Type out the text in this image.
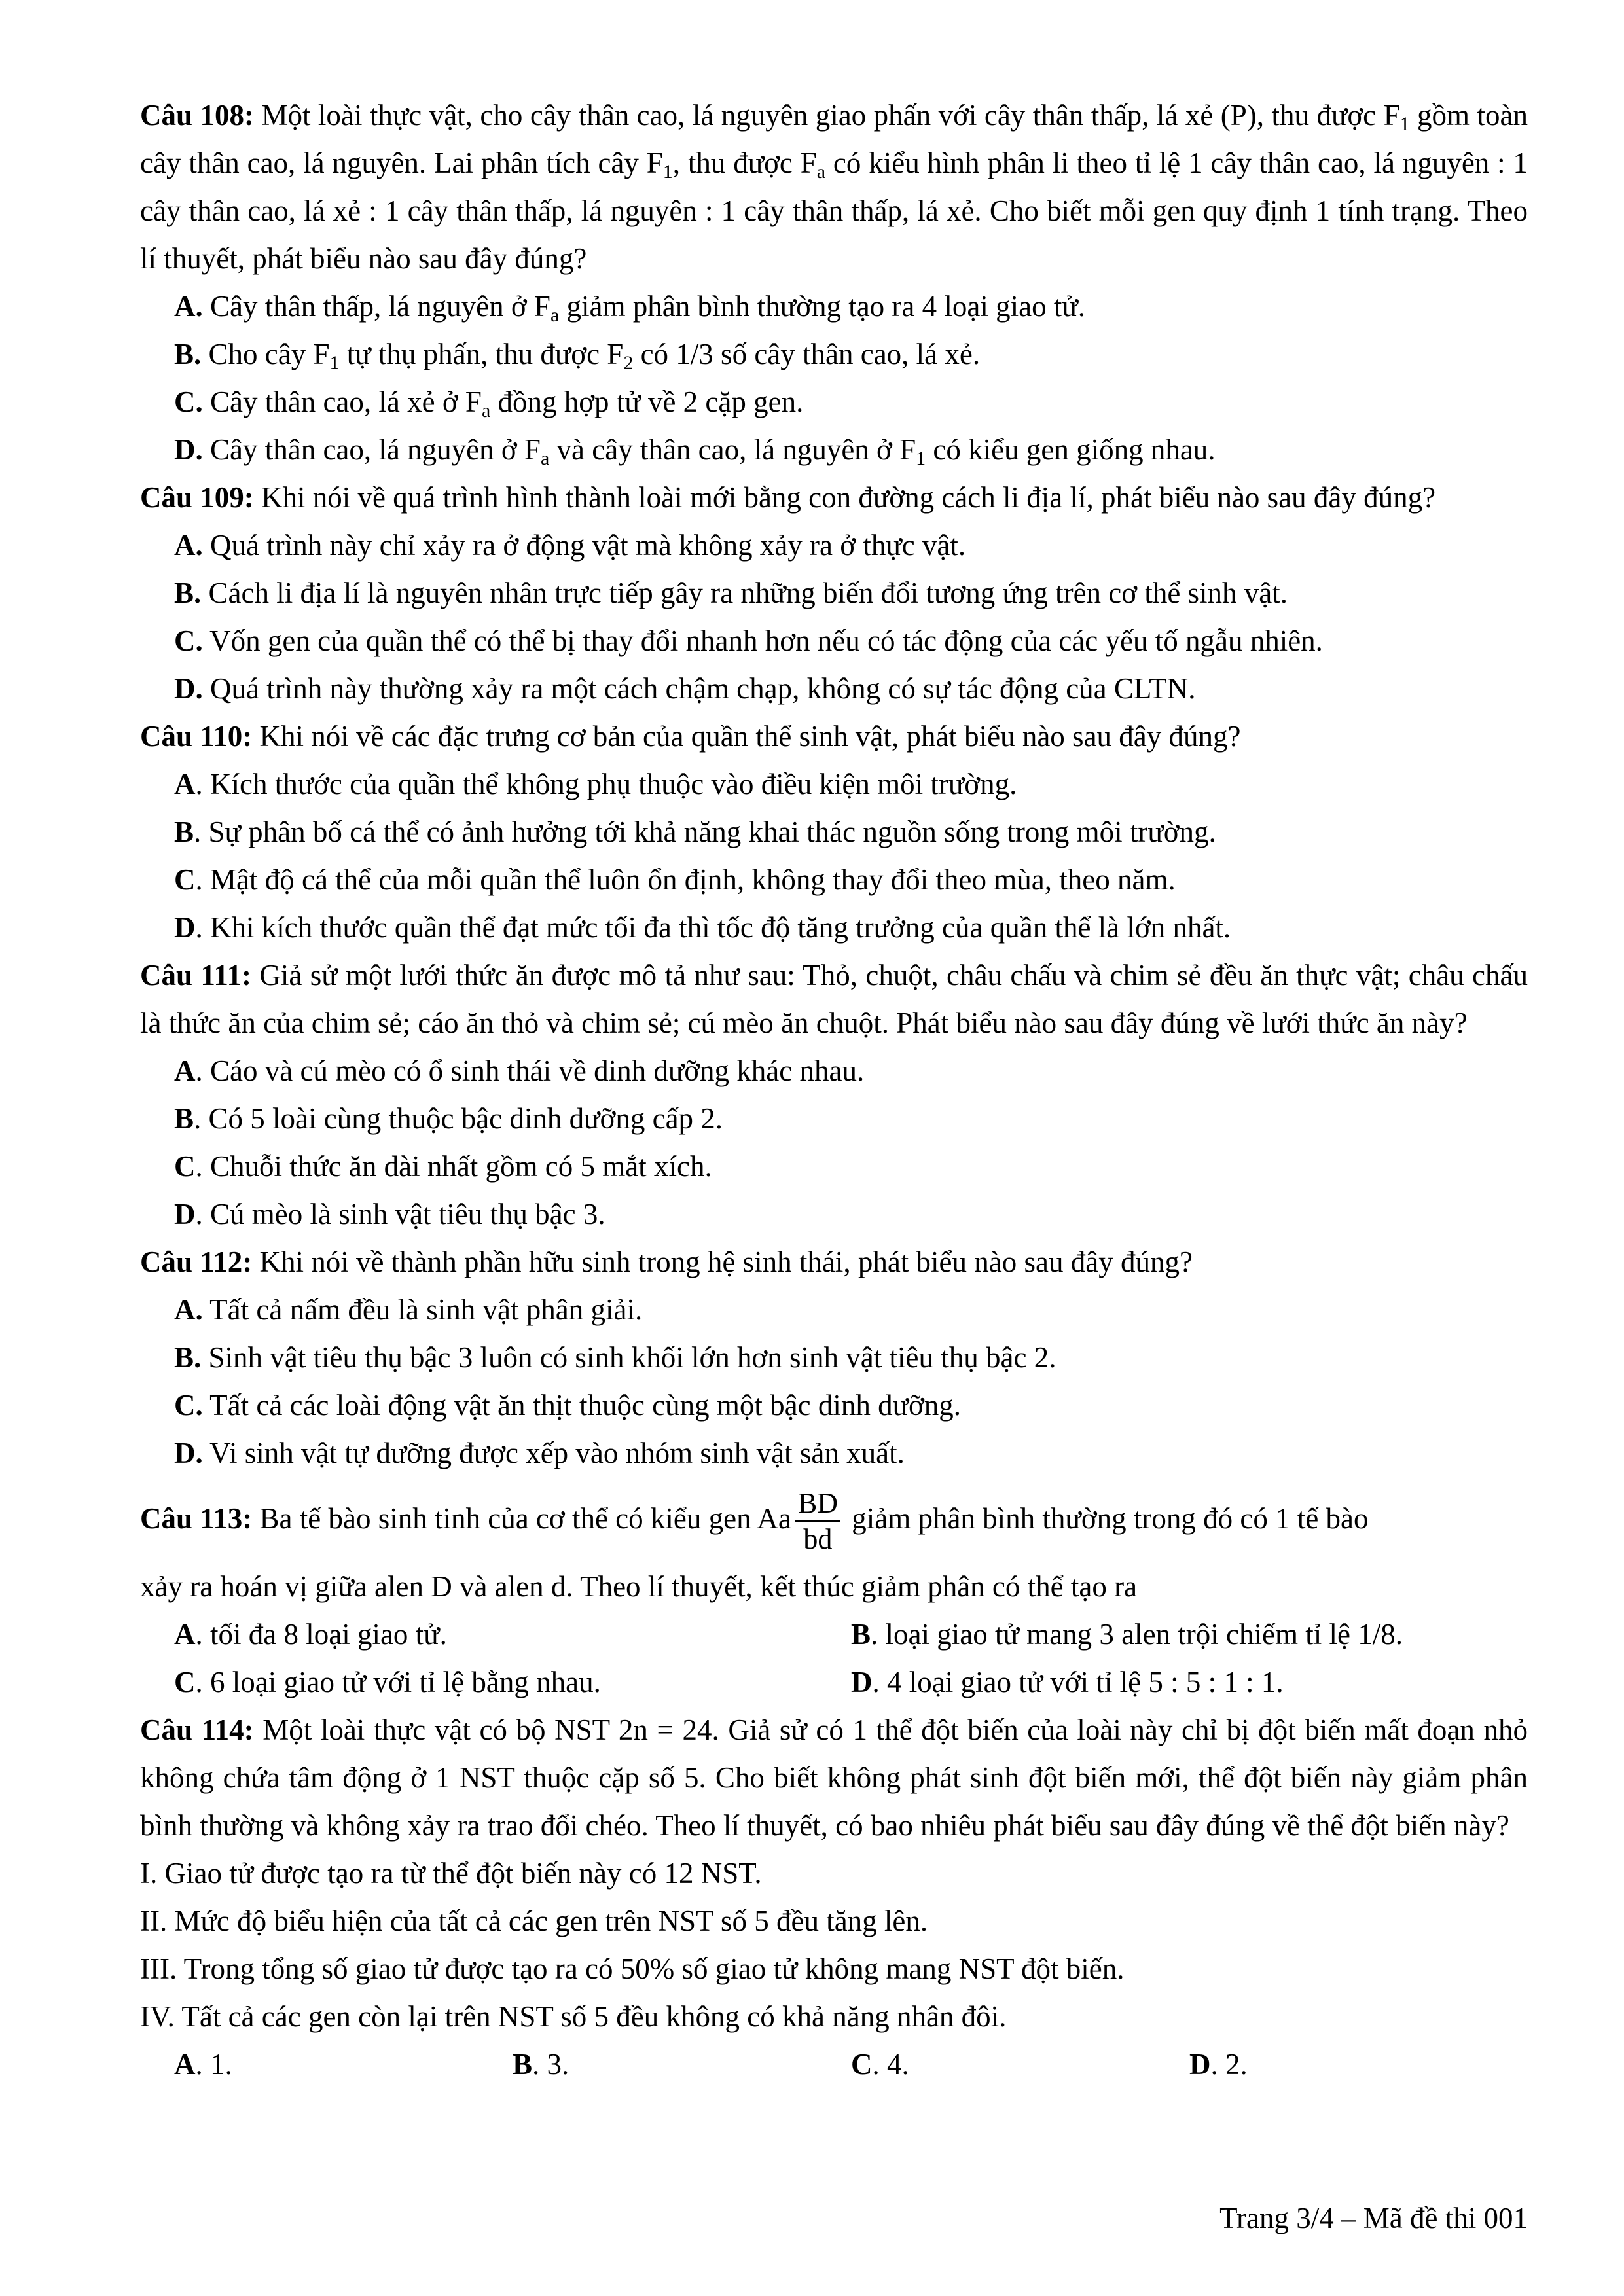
Câu 108: Một loài thực vật, cho cây thân cao, lá nguyên giao phấn với cây thân thấp, lá xẻ (P), thu được $F_1$ gồm toàn cây thân cao, lá nguyên. Lai phân tích cây $F_1$, thu được $F_a$ có kiểu hình phân li theo tỉ lệ 1 cây thân cao, lá nguyên : 1 cây thân cao, lá xẻ : 1 cây thân thấp, lá nguyên : 1 cây thân thấp, lá xẻ. Cho biết mỗi gen quy định 1 tính trạng. Theo lí thuyết, phát biểu nào sau đây đúng?

A. Cây thân thấp, lá nguyên ở $F_a$ giảm phân bình thường tạo ra 4 loại giao tử.

B. Cho cây $F_1$ tự thụ phấn, thu được $F_2$ có 1/3 số cây thân cao, lá xẻ.

C. Cây thân cao, lá xẻ ở $F_a$ đồng hợp tử về 2 cặp gen.

D. Cây thân cao, lá nguyên ở $F_a$ và cây thân cao, lá nguyên ở $F_1$ có kiểu gen giống nhau.

Câu 109: Khi nói về quá trình hình thành loài mới bằng con đường cách li địa lí, phát biểu nào sau đây đúng?

A. Quá trình này chỉ xảy ra ở động vật mà không xảy ra ở thực vật.

B. Cách li địa lí là nguyên nhân trực tiếp gây ra những biến đổi tương ứng trên cơ thể sinh vật.

C. Vốn gen của quần thể có thể bị thay đổi nhanh hơn nếu có tác động của các yếu tố ngẫu nhiên.

D. Quá trình này thường xảy ra một cách chậm chạp, không có sự tác động của CLTN.

Câu 110: Khi nói về các đặc trưng cơ bản của quần thể sinh vật, phát biểu nào sau đây đúng?

A. Kích thước của quần thể không phụ thuộc vào điều kiện môi trường.

B. Sự phân bố cá thể có ảnh hưởng tới khả năng khai thác nguồn sống trong môi trường.

C. Mật độ cá thể của mỗi quần thể luôn ổn định, không thay đổi theo mùa, theo năm.

D. Khi kích thước quần thể đạt mức tối đa thì tốc độ tăng trưởng của quần thể là lớn nhất.

Câu 111: Giả sử một lưới thức ăn được mô tả như sau: Thỏ, chuột, châu chấu và chim sẻ đều ăn thực vật; châu chấu là thức ăn của chim sẻ; cáo ăn thỏ và chim sẻ; cú mèo ăn chuột. Phát biểu nào sau đây đúng về lưới thức ăn này?

A. Cáo và cú mèo có ổ sinh thái về dinh dưỡng khác nhau.

B. Có 5 loài cùng thuộc bậc dinh dưỡng cấp 2.

C. Chuỗi thức ăn dài nhất gồm có 5 mắt xích.

D. Cú mèo là sinh vật tiêu thụ bậc 3.

Câu 112: Khi nói về thành phần hữu sinh trong hệ sinh thái, phát biểu nào sau đây đúng?

A. Tất cả nấm đều là sinh vật phân giải.

B. Sinh vật tiêu thụ bậc 3 luôn có sinh khối lớn hơn sinh vật tiêu thụ bậc 2.

C. Tất cả các loài động vật ăn thịt thuộc cùng một bậc dinh dưỡng.

D. Vi sinh vật tự dưỡng được xếp vào nhóm sinh vật sản xuất.

Câu 113: Ba tế bào sinh tinh của cơ thể có kiểu gen Aa $\frac{BD}{bd}$ giảm phân bình thường trong đó có 1 tế bào

xảy ra hoán vị giữa alen D và alen d. Theo lí thuyết, kết thúc giảm phân có thể tạo ra

A. tối đa 8 loại giao tử.	B. loại giao tử mang 3 alen trội chiếm tỉ lệ 1/8.
C. 6 loại giao tử với tỉ lệ bằng nhau.	D. 4 loại giao tử với tỉ lệ 5 : 5 : 1 : 1.

Câu 114: Một loài thực vật có bộ NST 2n = 24. Giả sử có 1 thể đột biến của loài này chỉ bị đột biến mất đoạn nhỏ không chứa tâm động ở 1 NST thuộc cặp số 5. Cho biết không phát sinh đột biến mới, thể đột biến này giảm phân bình thường và không xảy ra trao đổi chéo. Theo lí thuyết, có bao nhiêu phát biểu sau đây đúng về thể đột biến này?

I. Giao tử được tạo ra từ thể đột biến này có 12 NST.

II. Mức độ biểu hiện của tất cả các gen trên NST số 5 đều tăng lên.

III. Trong tổng số giao tử được tạo ra có 50% số giao tử không mang NST đột biến.

IV. Tất cả các gen còn lại trên NST số 5 đều không có khả năng nhân đôi.

A. 1.	B. 3.	C. 4.	D. 2.
Trang 3/4 – Mã đề thi 001
